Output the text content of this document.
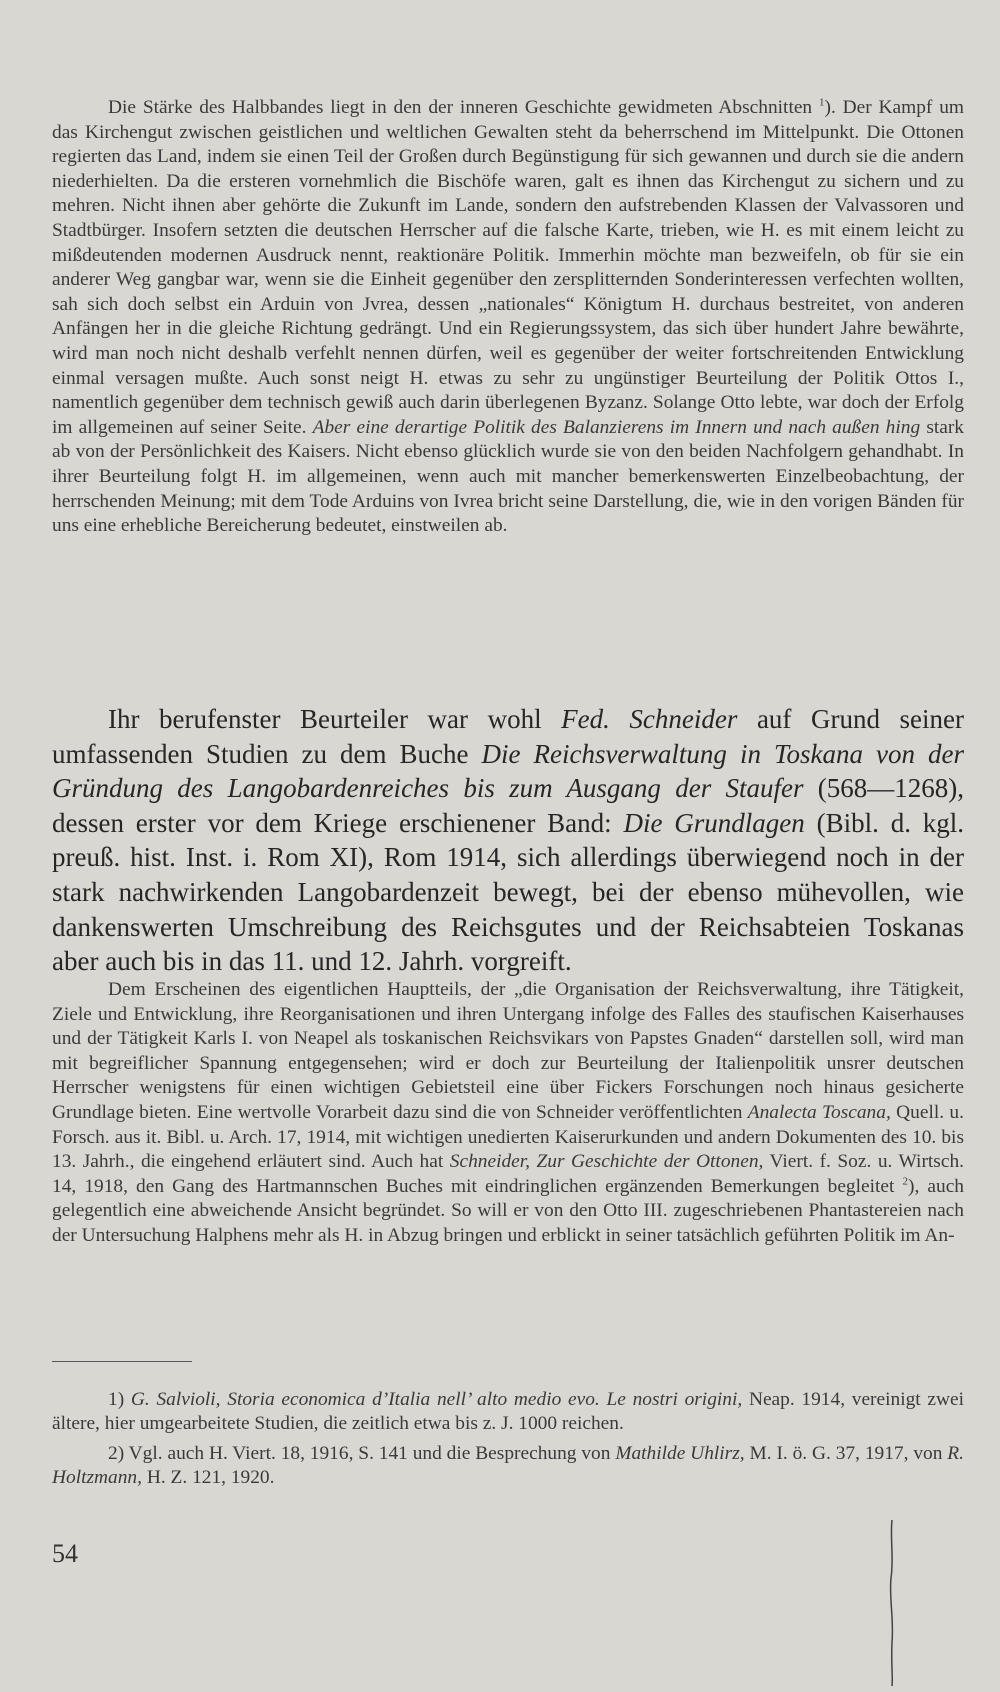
Die Stärke des Halbbandes liegt in den der inneren Geschichte gewidmeten Abschnitten $^1$). Der Kampf um das Kirchengut zwischen geistlichen und weltlichen Gewalten steht da beherrschend im Mittelpunkt. Die Ottonen regierten das Land, indem sie einen Teil der Großen durch Begünstigung für sich gewannen und durch sie die andern niederhielten. Da die ersteren vornehmlich die Bischöfe waren, galt es ihnen das Kirchengut zu sichern und zu mehren. Nicht ihnen aber gehörte die Zukunft im Lande, sondern den aufstrebenden Klassen der Valvassoren und Stadtbürger. Insofern setzten die deutschen Herrscher auf die falsche Karte, trieben, wie H. es mit einem leicht zu mißdeutenden modernen Ausdruck nennt, reaktionäre Politik. Immerhin möchte man bezweifeln, ob für sie ein anderer Weg gangbar war, wenn sie die Einheit gegenüber den zersplitternden Sonderinteressen verfechten wollten, sah sich doch selbst ein Arduin von Jvrea, dessen „nationales“ Königtum H. durchaus bestreitet, von anderen Anfängen her in die gleiche Richtung gedrängt. Und ein Regierungssystem, das sich über hundert Jahre bewährte, wird man noch nicht deshalb verfehlt nennen dürfen, weil es gegenüber der weiter fortschreitenden Entwicklung einmal versagen mußte. Auch sonst neigt H. etwas zu sehr zu ungünstiger Beurteilung der Politik Ottos I., namentlich gegenüber dem technisch gewiß auch darin überlegenen Byzanz. Solange Otto lebte, war doch der Erfolg im allgemeinen auf seiner Seite. Aber eine derartige Politik des Balanzierens im Innern und nach außen hing stark ab von der Persönlichkeit des Kaisers. Nicht ebenso glücklich wurde sie von den beiden Nachfolgern gehandhabt. In ihrer Beurteilung folgt H. im allgemeinen, wenn auch mit mancher bemerkenswerten Einzelbeobachtung, der herrschenden Meinung; mit dem Tode Arduins von Ivrea bricht seine Darstellung, die, wie in den vorigen Bänden für uns eine erhebliche Bereicherung bedeutet, einstweilen ab.

Ihr berufenster Beurteiler war wohl Fed. Schneider auf Grund seiner umfassenden Studien zu dem Buche Die Reichsverwaltung in Toskana von der Gründung des Langobardenreiches bis zum Ausgang der Staufer (568—1268), dessen erster vor dem Kriege erschienener Band: Die Grundlagen (Bibl. d. kgl. preuß. hist. Inst. i. Rom XI), Rom 1914, sich allerdings überwiegend noch in der stark nachwirkenden Langobardenzeit bewegt, bei der ebenso mühevollen, wie dankenswerten Umschreibung des Reichsgutes und der Reichsabteien Toskanas aber auch bis in das 11. und 12. Jahrh. vorgreift.

Dem Erscheinen des eigentlichen Hauptteils, der „die Organisation der Reichsverwaltung, ihre Tätigkeit, Ziele und Entwicklung, ihre Reorganisationen und ihren Untergang infolge des Falles des staufischen Kaiserhauses und der Tätigkeit Karls I. von Neapel als toskanischen Reichsvikars von Papstes Gnaden“ darstellen soll, wird man mit begreiflicher Spannung entgegensehen; wird er doch zur Beurteilung der Italienpolitik unsrer deutschen Herrscher wenigstens für einen wichtigen Gebietsteil eine über Fickers Forschungen noch hinaus gesicherte Grundlage bieten. Eine wertvolle Vorarbeit dazu sind die von Schneider veröffentlichten Analecta Toscana, Quell. u. Forsch. aus it. Bibl. u. Arch. 17, 1914, mit wichtigen unedierten Kaiserurkunden und andern Dokumenten des 10. bis 13. Jahrh., die eingehend erläutert sind. Auch hat Schneider, Zur Geschichte der Ottonen, Viert. f. Soz. u. Wirtsch. 14, 1918, den Gang des Hartmannschen Buches mit eindringlichen ergänzenden Bemerkungen begleitet $^2$), auch gelegentlich eine abweichende Ansicht begründet. So will er von den Otto III. zugeschriebenen Phantastereien nach der Untersuchung Halphens mehr als H. in Abzug bringen und erblickt in seiner tatsächlich geführten Politik im An-

1) G. Salvioli, Storia economica d’Italia nell’ alto medio evo. Le nostri origini, Neap. 1914, vereinigt zwei ältere, hier umgearbeitete Studien, die zeitlich etwa bis z. J. 1000 reichen.

2) Vgl. auch H. Viert. 18, 1916, S. 141 und die Besprechung von Mathilde Uhlirz, M. I. ö. G. 37, 1917, von R. Holtzmann, H. Z. 121, 1920.

54
